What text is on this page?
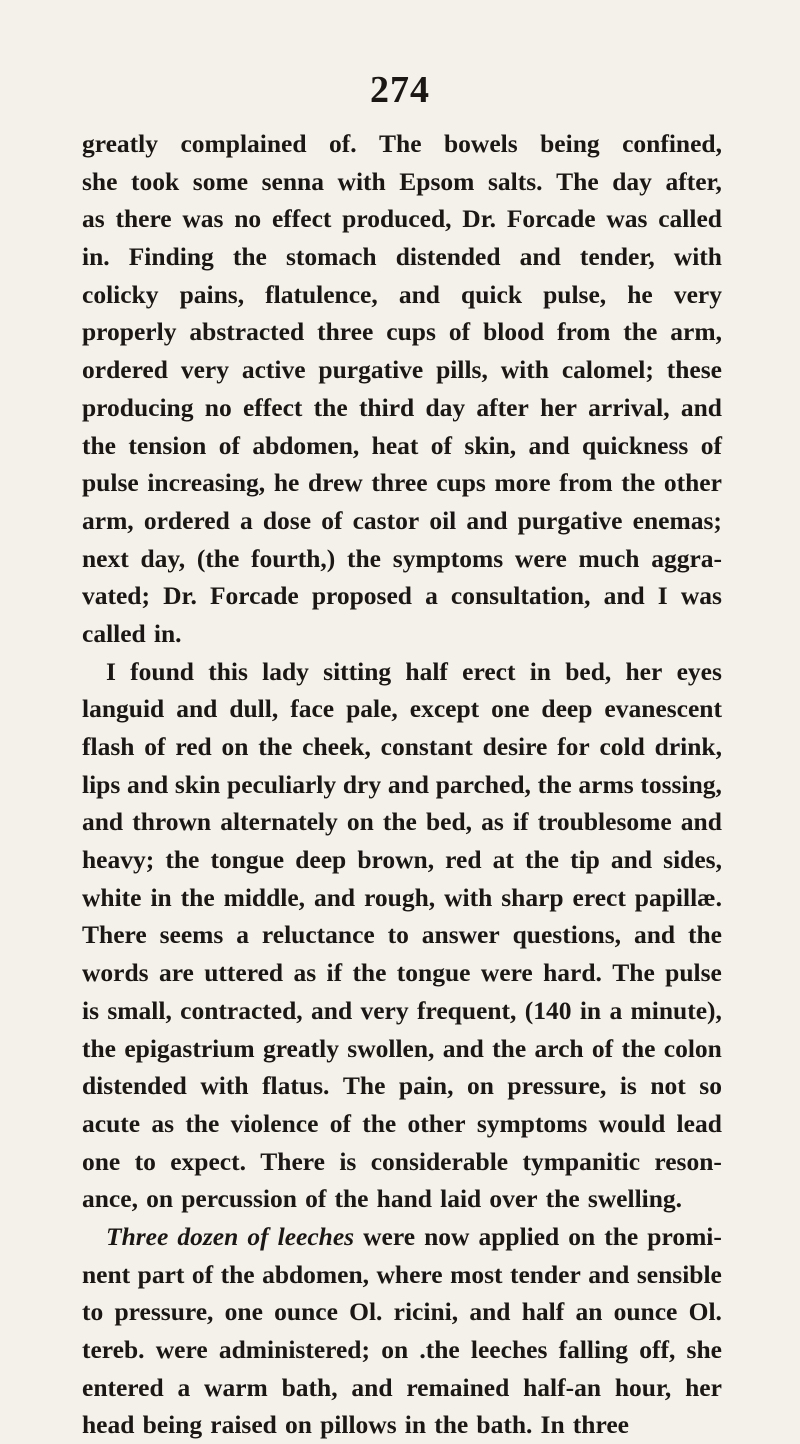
274
greatly complained of. The bowels being confined,
she took some senna with Epsom salts. The day after,
as there was no effect produced, Dr. Forcade was called
in. Finding the stomach distended and tender, with
colicky pains, flatulence, and quick pulse, he very
properly abstracted three cups of blood from the arm,
ordered very active purgative pills, with calomel; these
producing no effect the third day after her arrival, and
the tension of abdomen, heat of skin, and quickness of
pulse increasing, he drew three cups more from the other
arm, ordered a dose of castor oil and purgative enemas;
next day, (the fourth,) the symptoms were much aggra-
vated; Dr. Forcade proposed a consultation, and I was
called in.
I found this lady sitting half erect in bed, her eyes
languid and dull, face pale, except one deep evanescent
flash of red on the cheek, constant desire for cold drink,
lips and skin peculiarly dry and parched, the arms tossing,
and thrown alternately on the bed, as if troublesome and
heavy; the tongue deep brown, red at the tip and sides,
white in the middle, and rough, with sharp erect papillæ.
There seems a reluctance to answer questions, and the
words are uttered as if the tongue were hard. The pulse
is small, contracted, and very frequent, (140 in a minute),
the epigastrium greatly swollen, and the arch of the colon
distended with flatus. The pain, on pressure, is not so
acute as the violence of the other symptoms would lead
one to expect. There is considerable tympanitic reson-
ance, on percussion of the hand laid over the swelling.
Three dozen of leeches were now applied on the promi-
nent part of the abdomen, where most tender and sensible
to pressure, one ounce Ol. ricini, and half an ounce Ol.
tereb. were administered; on .the leeches falling off, she
entered a warm bath, and remained half-an hour, her
head being raised on pillows in the bath. In three
